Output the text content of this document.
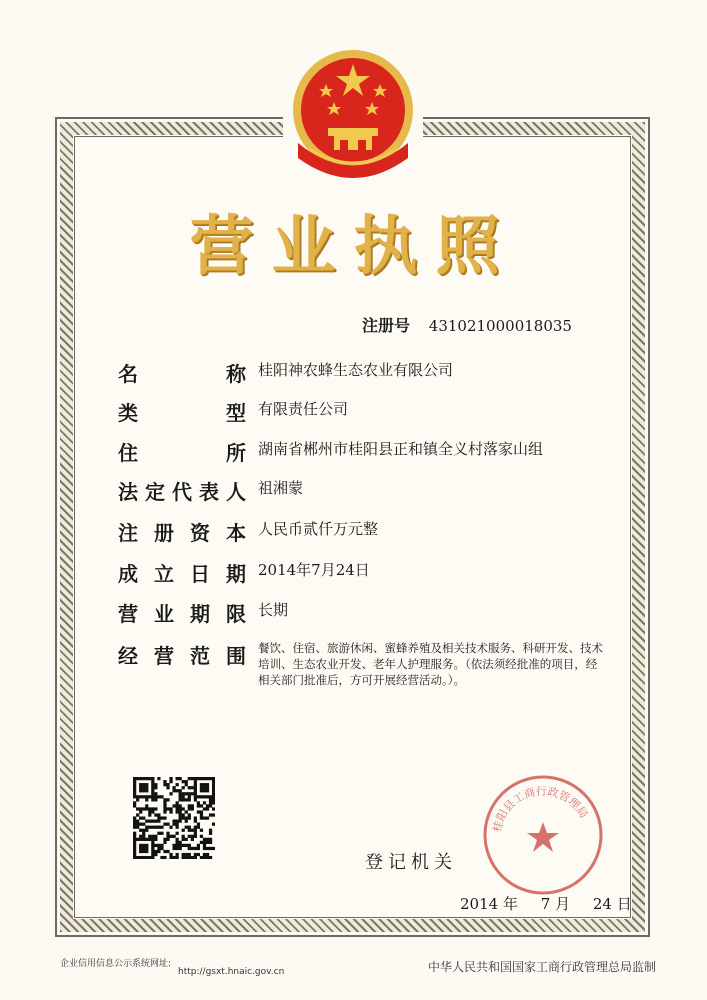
营业执照
注册号 431021000018035
名	称 桂阳神农蜂生态农业有限公司
类	型 有限责任公司
住	所 湖南省郴州市桂阳县正和镇全义村落家山组
法 定 代 表 人 祖湘蒙
注 册 资 本 人民币贰仟万元整
成 立 日 期 2014年7月24日
营 业 期 限 长期
经 营 范 围 餐饮、住宿、旅游休闲、蜜蜂养殖及相关技术服务、科研开发、技术培训、生态农业开发、老年人护理服务。（依法须经批准的项目，经相关部门批准后，方可开展经营活动。）。
桂阳县工商行政管理局
登记机关
2014 年 7 月 24 日
企业信用信息公示系统网址:
http://gsxt.hnaic.gov.cn	中华人民共和国国家工商行政管理总局监制
